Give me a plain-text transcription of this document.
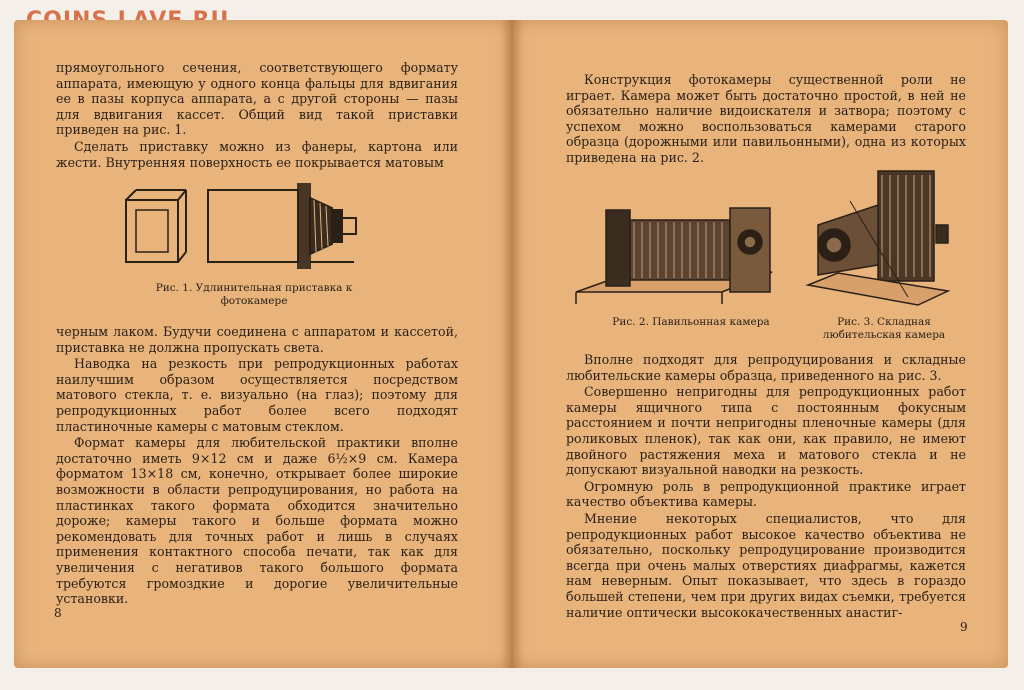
прямоугольного сечения, соответствующего формату аппарата, имеющую у одного конца фальцы для вдвигания ее в пазы корпуса аппарата, а с другой стороны — пазы для вдвигания кассет. Общий вид такой приставки приведен на рис. 1.

Сделать приставку можно из фанеры, картона или жести. Внутренняя поверхность ее покрывается матовым

Рис. 1. Удлинительная приставка к фотокамере

черным лаком. Будучи соединена с аппаратом и кассетой, приставка не должна пропускать света.

Наводка на резкость при репродукционных работах наилучшим образом осуществляется посредством матового стекла, т. е. визуально (на глаз); поэтому для репродукционных работ более всего подходят пластиночные камеры с матовым стеклом.

Формат камеры для любительской практики вполне достаточно иметь 9×12 см и даже 6½×9 см. Камера форматом 13×18 см, конечно, открывает более широкие возможности в области репродуцирования, но работа на пластинках такого формата обходится значительно дороже; камеры такого и больше формата можно рекомендовать для точных работ и лишь в случаях применения контактного способа печати, так как для увеличения с негативов такого большого формата требуются громоздкие и дорогие увеличительные установки.

8

Конструкция фотокамеры существенной роли не играет. Камера может быть достаточно простой, в ней не обязательно наличие видоискателя и затвора; поэтому с успехом можно воспользоваться камерами старого образца (дорожными или павильонными), одна из которых приведена на рис. 2.

Рис. 2. Павильонная камера	Рис. 3. Складная любительская камера

Вполне подходят для репродуцирования и складные любительские камеры образца, приведенного на рис. 3.

Совершенно непригодны для репродукционных работ камеры ящичного типа с постоянным фокусным расстоянием и почти непригодны пленочные камеры (для роликовых пленок), так как они, как правило, не имеют двойного растяжения меха и матового стекла и не допускают визуальной наводки на резкость.

Огромную роль в репродукционной практике играет качество объектива камеры.

Мнение некоторых специалистов, что для репродукционных работ высокое качество объектива не обязательно, поскольку репродуцирование производится всегда при очень малых отверстиях диафрагмы, кажется нам неверным. Опыт показывает, что здесь в гораздо большей степени, чем при других видах съемки, требуется наличие оптически высококачественных анастиг-

9
